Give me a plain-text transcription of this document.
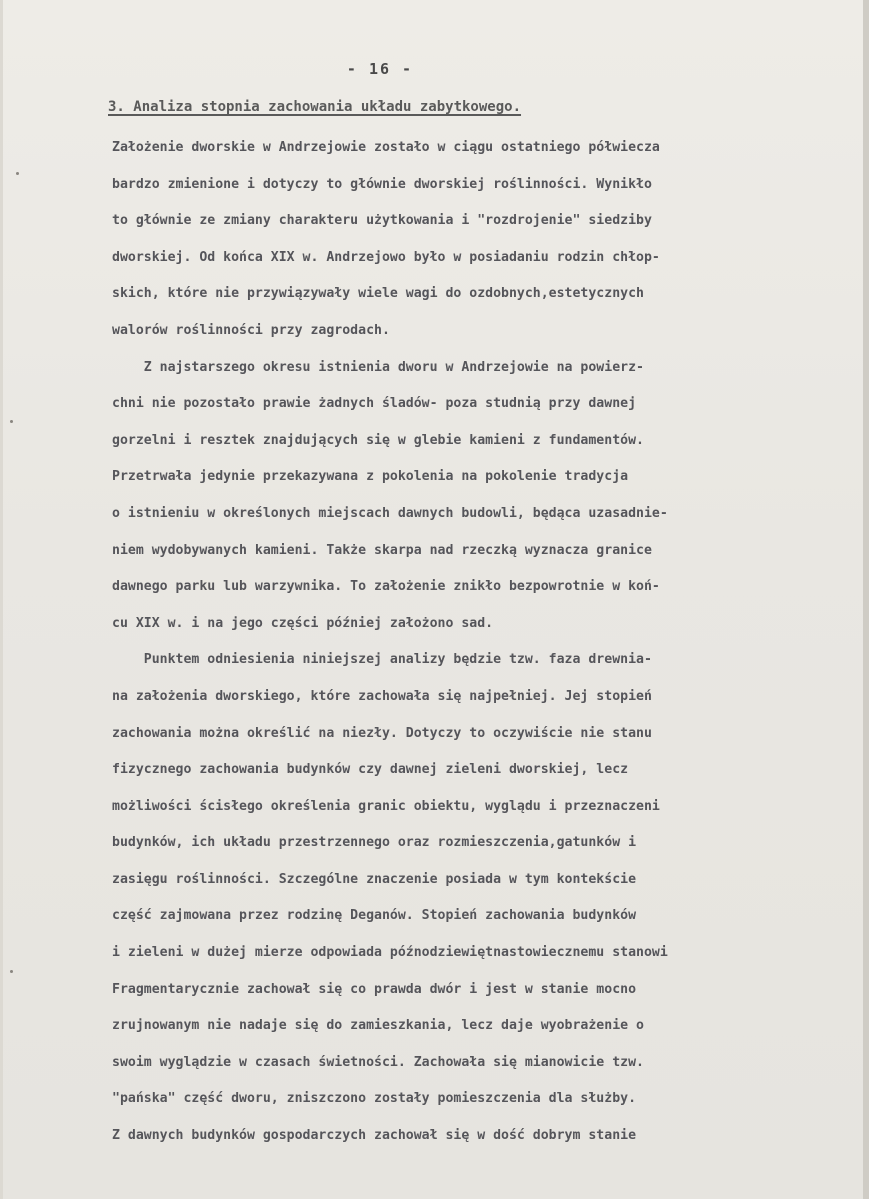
- 16 -
3. Analiza stopnia zachowania układu zabytkowego.
Założenie dworskie w Andrzejowie zostało w ciągu ostatniego półwiecza
bardzo zmienione i dotyczy to głównie dworskiej roślinności. Wynikło
to głównie ze zmiany charakteru użytkowania i "rozdrojenie" siedziby
dworskiej. Od końca XIX w. Andrzejowo było w posiadaniu rodzin chłop-
skich, które nie przywiązywały wiele wagi do ozdobnych,estetycznych
walorów roślinności przy zagrodach.
Z najstarszego okresu istnienia dworu w Andrzejowie na powierz-
chni nie pozostało prawie żadnych śladów- poza studnią przy dawnej
gorzelni i resztek znajdujących się w glebie kamieni z fundamentów.
Przetrwała jedynie przekazywana z pokolenia na pokolenie tradycja
o istnieniu w określonych miejscach dawnych budowli, będąca uzasadnie-
niem wydobywanych kamieni. Także skarpa nad rzeczką wyznacza granice
dawnego parku lub warzywnika. To założenie znikło bezpowrotnie w koń-
cu XIX w. i na jego części później założono sad.
Punktem odniesienia niniejszej analizy będzie tzw. faza drewnia-
na założenia dworskiego, które zachowała się najpełniej. Jej stopień
zachowania można określić na niezły. Dotyczy to oczywiście nie stanu
fizycznego zachowania budynków czy dawnej zieleni dworskiej, lecz
możliwości ścisłego określenia granic obiektu, wyglądu i przeznaczeni
budynków, ich układu przestrzennego oraz rozmieszczenia,gatunków i
zasięgu roślinności. Szczególne znaczenie posiada w tym kontekście
część zajmowana przez rodzinę Deganów. Stopień zachowania budynków
i zieleni w dużej mierze odpowiada późnodziewiętnastowiecznemu stanowi
Fragmentarycznie zachował się co prawda dwór i jest w stanie mocno
zrujnowanym nie nadaje się do zamieszkania, lecz daje wyobrażenie o
swoim wyglądzie w czasach świetności. Zachowała się mianowicie tzw.
"pańska" część dworu, zniszczono zostały pomieszczenia dla służby.
Z dawnych budynków gospodarczych zachował się w dość dobrym stanie
